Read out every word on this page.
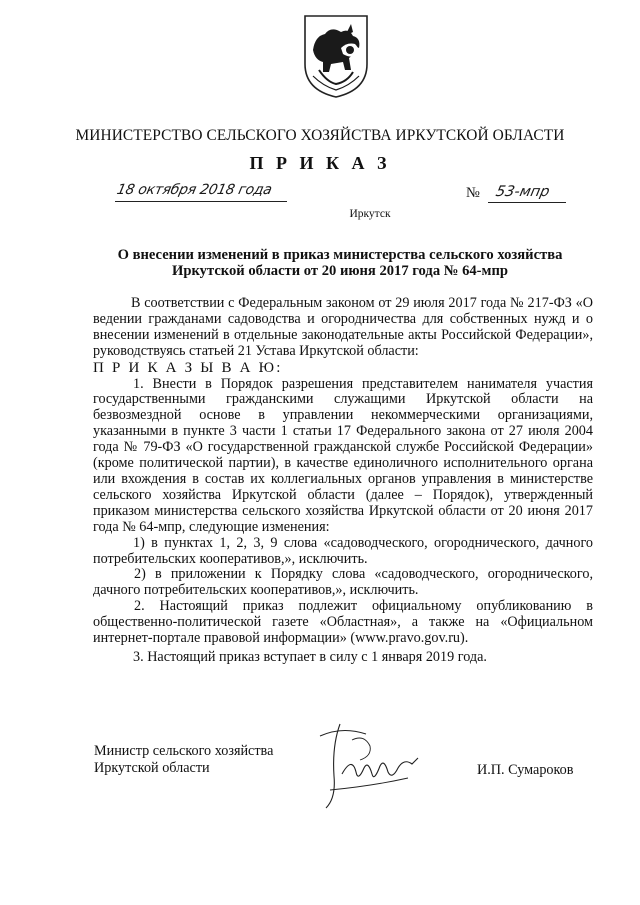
МИНИСТЕРСТВО СЕЛЬСКОГО ХОЗЯЙСТВА ИРКУТСКОЙ ОБЛАСТИ
П Р И К А З
18 октября 2018 года	№ 53-мпр
Иркутск
О внесении изменений в приказ министерства сельского хозяйства
Иркутской области от 20 июня 2017 года № 64-мпр

В соответствии с Федеральным законом от 29 июля 2017 года № 217-ФЗ «О ведении гражданами садоводства и огородничества для собственных нужд и о внесении изменений в отдельные законодательные акты Российской Федерации», руководствуясь статьей 21 Устава Иркутской области:

П Р И К А З Ы В А Ю:

1. Внести в Порядок разрешения представителем нанимателя участия государственными гражданскими служащими Иркутской области на безвозмездной основе в управлении некоммерческими организациями, указанными в пункте 3 части 1 статьи 17 Федерального закона от 27 июля 2004 года № 79-ФЗ «О государственной гражданской службе Российской Федерации» (кроме политической партии), в качестве единоличного исполнительного органа или вхождения в состав их коллегиальных органов управления в министерстве сельского хозяйства Иркутской области (далее – Порядок), утвержденный приказом министерства сельского хозяйства Иркутской области от 20 июня 2017 года № 64-мпр, следующие изменения:

1) в пунктах 1, 2, 3, 9 слова «садоводческого, огороднического, дачного потребительских кооперативов,», исключить.

2) в приложении к Порядку слова «садоводческого, огороднического, дачного потребительских кооперативов,», исключить.

2. Настоящий приказ подлежит официальному опубликованию в общественно-политической газете «Областная», а также на «Официальном интернет-портале правовой информации» (www.pravo.gov.ru).

3. Настоящий приказ вступает в силу с 1 января 2019 года.

Министр сельского хозяйства
Иркутской области	И.П. Сумароков
